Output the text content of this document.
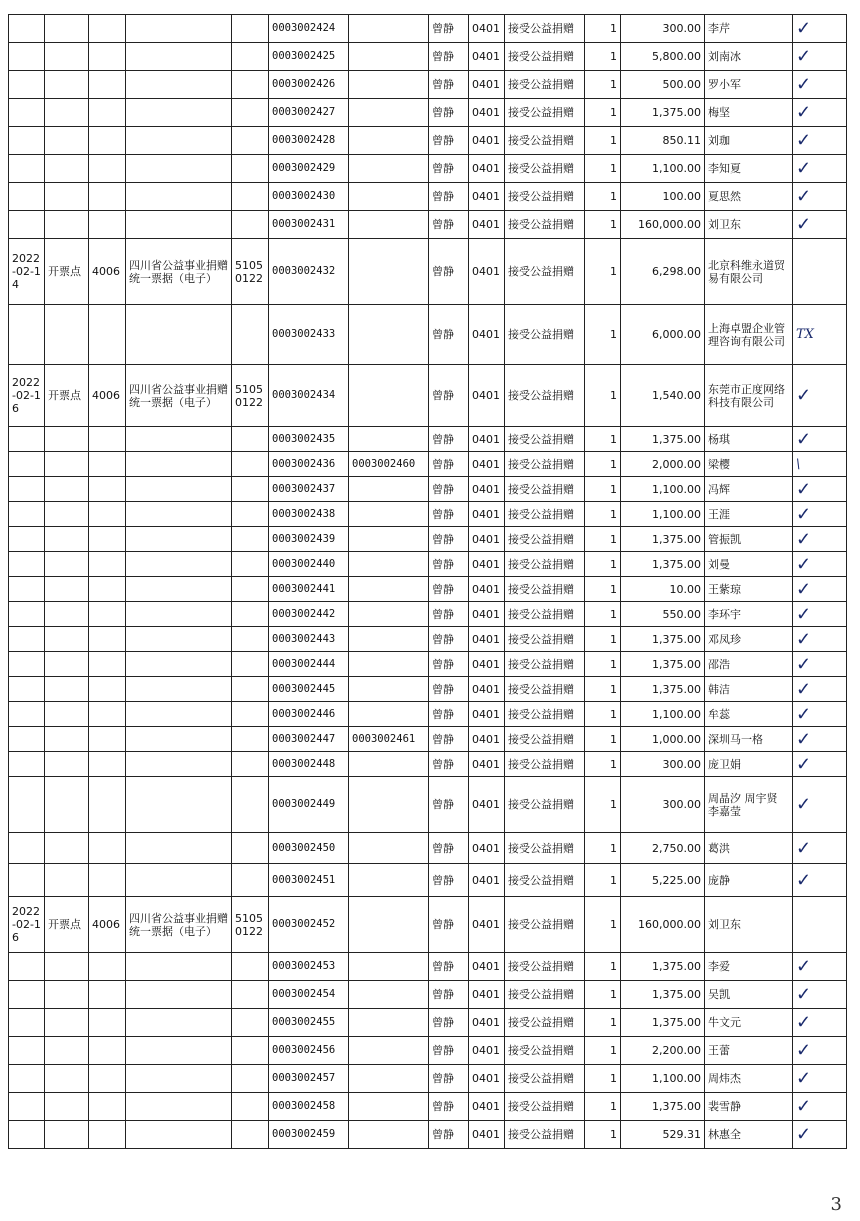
					0003002424		曾静	0401	接受公益捐赠	1	300.00	李芹	✓
					0003002425		曾静	0401	接受公益捐赠	1	5,800.00	刘南冰	✓
					0003002426		曾静	0401	接受公益捐赠	1	500.00	罗小军	✓
					0003002427		曾静	0401	接受公益捐赠	1	1,375.00	梅坚	✓
					0003002428		曾静	0401	接受公益捐赠	1	850.11	刘珈	✓
					0003002429		曾静	0401	接受公益捐赠	1	1,100.00	李知夏	✓
					0003002430		曾静	0401	接受公益捐赠	1	100.00	夏思然	✓
					0003002431		曾静	0401	接受公益捐赠	1	160,000.00	刘卫东	✓
2022-02-14	开票点	4006	四川省公益事业捐赠统一票据（电子）	51050122	0003002432		曾静	0401	接受公益捐赠	1	6,298.00	北京科维永道贸易有限公司	
					0003002433		曾静	0401	接受公益捐赠	1	6,000.00	上海卓盟企业管理咨询有限公司	TX
2022-02-16	开票点	4006	四川省公益事业捐赠统一票据（电子）	51050122	0003002434		曾静	0401	接受公益捐赠	1	1,540.00	东莞市正度网络科技有限公司	✓
					0003002435		曾静	0401	接受公益捐赠	1	1,375.00	杨琪	✓
					0003002436	0003002460	曾静	0401	接受公益捐赠	1	2,000.00	梁樱	\
					0003002437		曾静	0401	接受公益捐赠	1	1,100.00	冯辉	✓
					0003002438		曾静	0401	接受公益捐赠	1	1,100.00	王涯	✓
					0003002439		曾静	0401	接受公益捐赠	1	1,375.00	管振凯	✓
					0003002440		曾静	0401	接受公益捐赠	1	1,375.00	刘曼	✓
					0003002441		曾静	0401	接受公益捐赠	1	10.00	王紫琼	✓
					0003002442		曾静	0401	接受公益捐赠	1	550.00	李环宇	✓
					0003002443		曾静	0401	接受公益捐赠	1	1,375.00	邓凤珍	✓
					0003002444		曾静	0401	接受公益捐赠	1	1,375.00	邵浩	✓
					0003002445		曾静	0401	接受公益捐赠	1	1,375.00	韩洁	✓
					0003002446		曾静	0401	接受公益捐赠	1	1,100.00	牟蕊	✓
					0003002447	0003002461	曾静	0401	接受公益捐赠	1	1,000.00	深圳马一格	✓
					0003002448		曾静	0401	接受公益捐赠	1	300.00	庞卫娟	✓
					0003002449		曾静	0401	接受公益捐赠	1	300.00	周晶汐 周宇贤 李嘉莹	✓
					0003002450		曾静	0401	接受公益捐赠	1	2,750.00	葛洪	✓
					0003002451		曾静	0401	接受公益捐赠	1	5,225.00	庞静	✓
2022-02-16	开票点	4006	四川省公益事业捐赠统一票据（电子）	51050122	0003002452		曾静	0401	接受公益捐赠	1	160,000.00	刘卫东	
					0003002453		曾静	0401	接受公益捐赠	1	1,375.00	李爱	✓
					0003002454		曾静	0401	接受公益捐赠	1	1,375.00	吴凯	✓
					0003002455		曾静	0401	接受公益捐赠	1	1,375.00	牛文元	✓
					0003002456		曾静	0401	接受公益捐赠	1	2,200.00	王蕾	✓
					0003002457		曾静	0401	接受公益捐赠	1	1,100.00	周炜杰	✓
					0003002458		曾静	0401	接受公益捐赠	1	1,375.00	裴雪静	✓
					0003002459		曾静	0401	接受公益捐赠	1	529.31	林惠全	✓
3
